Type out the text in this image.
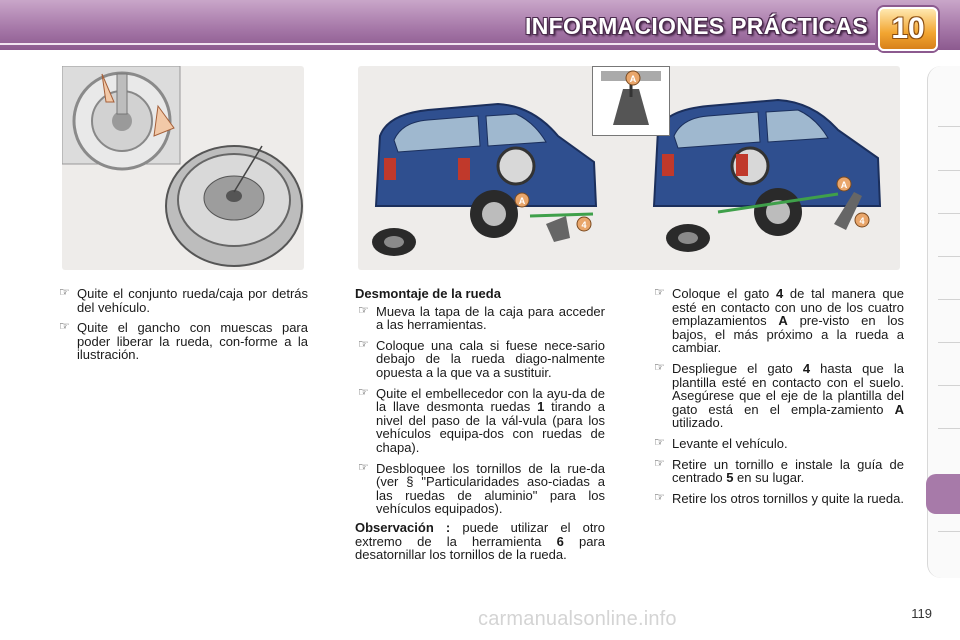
INFORMACIONES PRÁCTICAS 10
A
4
A
4
A

☞ Quite el conjunto rueda/caja por detrás del vehículo.

☞ Quite el gancho con muescas para poder liberar la rueda, con-forme a la ilustración.

Desmontaje de la rueda

☞ Mueva la tapa de la caja para acceder a las herramientas.

☞ Coloque una cala si fuese nece-sario debajo de la rueda diago-nalmente opuesta a la que va a sustituir.

☞ Quite el embellecedor con la ayu-da de la llave desmonta ruedas 1 tirando a nivel del paso de la vál-vula (para los vehículos equipa-dos con ruedas de chapa).

☞ Desbloquee los tornillos de la rue-da (ver § "Particularidades aso-ciadas a las ruedas de aluminio" para los vehículos equipados).

Observación : puede utilizar el otro extremo de la herramienta 6 para desatornillar los tornillos de la rueda.

☞ Coloque el gato 4 de tal manera que esté en contacto con uno de los cuatro emplazamientos A pre-visto en los bajos, el más próximo a la rueda a cambiar.

☞ Despliegue el gato 4 hasta que la plantilla esté en contacto con el suelo. Asegúrese que el eje de la plantilla del gato está en el empla-zamiento A utilizado.

☞ Levante el vehículo.

☞ Retire un tornillo e instale la guía de centrado 5 en su lugar.

☞ Retire los otros tornillos y quite la rueda.

carmanualsonline.info	119
